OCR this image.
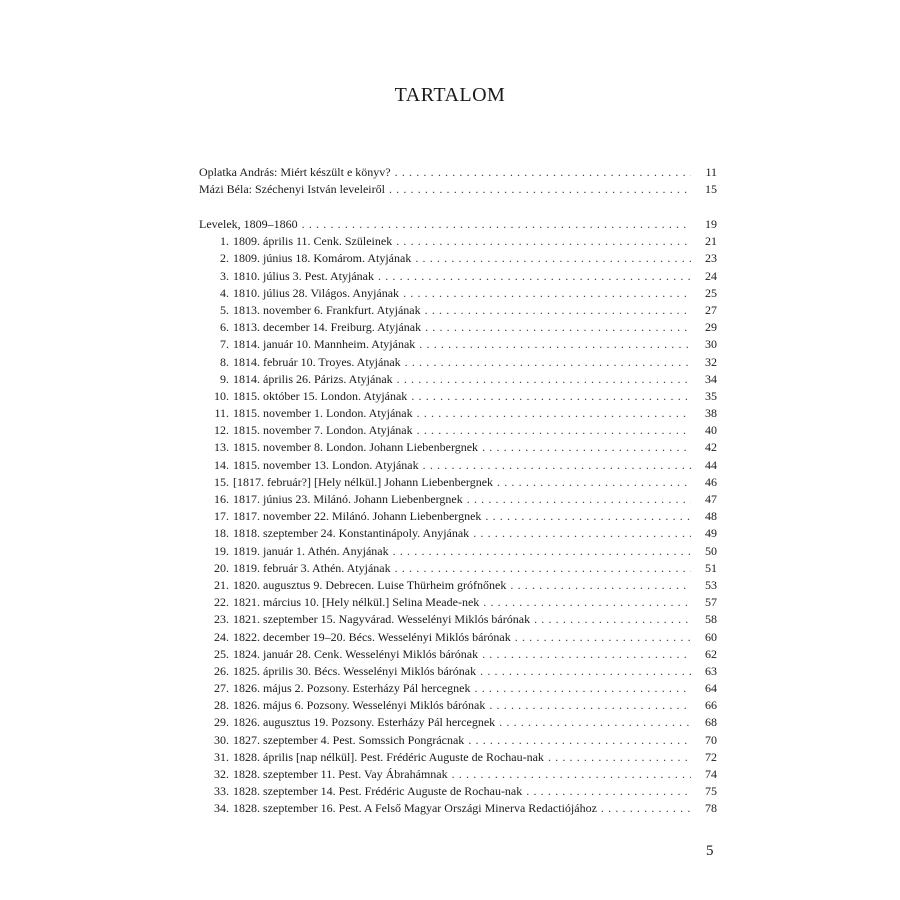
TARTALOM
Oplatka András: Miért készült e könyv? . . .	11
Mázi Béla: Széchenyi István leveleiről . . .	15
Levelek, 1809–1860 . . .	19
1. 1809. április 11. Cenk. Szüleinek . . .	21
2. 1809. június 18. Komárom. Atyjának . . .	23
3. 1810. július 3. Pest. Atyjának . . .	24
4. 1810. július 28. Világos. Anyjának . . .	25
5. 1813. november 6. Frankfurt. Atyjának . . .	27
6. 1813. december 14. Freiburg. Atyjának . . .	29
7. 1814. január 10. Mannheim. Atyjának . . .	30
8. 1814. február 10. Troyes. Atyjának . . .	32
9. 1814. április 26. Párizs. Atyjának . . .	34
10. 1815. október 15. London. Atyjának . . .	35
11. 1815. november 1. London. Atyjának . . .	38
12. 1815. november 7. London. Atyjának . . .	40
13. 1815. november 8. London. Johann Liebenbergnek . . .	42
14. 1815. november 13. London. Atyjának . . .	44
15. [1817. február?] [Hely nélkül.] Johann Liebenbergnek . . .	46
16. 1817. június 23. Milánó. Johann Liebenbergnek . . .	47
17. 1817. november 22. Milánó. Johann Liebenbergnek . . .	48
18. 1818. szeptember 24. Konstantinápoly. Anyjának . . .	49
19. 1819. január 1. Athén. Anyjának . . .	50
20. 1819. február 3. Athén. Atyjának . . .	51
21. 1820. augusztus 9. Debrecen. Luise Thürheim grófnőnek . . .	53
22. 1821. március 10. [Hely nélkül.] Selina Meade-nek . . .	57
23. 1821. szeptember 15. Nagyvárad. Wesselényi Miklós bárónak . . .	58
24. 1822. december 19–20. Bécs. Wesselényi Miklós bárónak . . .	60
25. 1824. január 28. Cenk. Wesselényi Miklós bárónak . . .	62
26. 1825. április 30. Bécs. Wesselényi Miklós bárónak . . .	63
27. 1826. május 2. Pozsony. Esterházy Pál hercegnek . . .	64
28. 1826. május 6. Pozsony. Wesselényi Miklós bárónak . . .	66
29. 1826. augusztus 19. Pozsony. Esterházy Pál hercegnek . . .	68
30. 1827. szeptember 4. Pest. Somssich Pongrácnak . . .	70
31. 1828. április [nap nélkül]. Pest. Frédéric Auguste de Rochau-nak . . .	72
32. 1828. szeptember 11. Pest. Vay Ábrahámnak . . .	74
33. 1828. szeptember 14. Pest. Frédéric Auguste de Rochau-nak . . .	75
34. 1828. szeptember 16. Pest. A Felső Magyar Országi Minerva Redactiójához . . .	78
5
